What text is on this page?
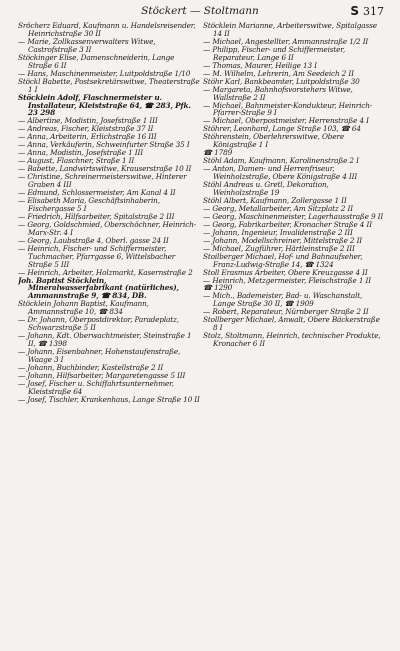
Stöckert — Stoltmann	S 317

Sröcherz Eduard, Kaufmann u. Handelsreisender, Heinrichstraße 30 II

— Marie, Zollkassenverwalters Witwe, Castrofstraße 3 II

Stöckinger Elise, Damenschneiderin, Lange Straße 6 II

— Hans, Maschinenmeister, Luitpoldstraße 1/10

Stöckl Babette, Postsekretärswitwe, Theaterstraße 1 I

Stöcklein Adolf, Flaschnermeister u. Installateur, Kleiststraße 64, ☎ 283, Pfk. 23 298

— Albertine, Modistin, Josefstraße 1 III

— Andreas, Fischer, Kleiststraße 37 II

— Anna, Arbeiterin, Erlichstraße 16 III

— Anna, Verkäuferin, Schweinfurter Straße 35 I

— Anna, Modistin, Josefstraße 1 III

— August, Flaschner, Straße 1 II

— Babette, Landwirtswitwe, Krauserstraße 10 II

— Christine, Schreinermeisterswitwe, Hinterer Graben 4 III

— Edmund, Schlossermeister, Am Kanal 4 II

— Elisabeth Maria, Geschäftsinhaberin, Fischergasse 5 I

— Friedrich, Hilfsarbeiter, Spitalstraße 2 III

— Georg, Goldschmied, Oberschöchner, Heinrich-Marx-Str. 4 I

— Georg, Laubstraße 4, Oberl. gasse 24 II

— Heinrich, Fischer- und Schiffermeister, Tuchmacher, Pfarrgasse 6, Wittelsbacher Straße 5 III

— Heinrich, Arbeiter, Holzmarkt, Kasernstraße 2

Joh. Baptist Stöcklein, Mineralwasserfabrikant (natürliches), Ammannstraße 9, ☎ 834, DB.

Stöcklein Johann Baptist, Kaufmann, Ammannstraße 10, ☎ 834

— Dr. Johann, Oberpostdirektor, Paradeplatz, Schwarzstraße 5 II

— Johann, Kdt. Oberwachtmeister, Steinstraße 1 II, ☎ 1398

— Johann, Eisenbahner, Hohenstaufenstraße, Waage 3 I

— Johann, Buchbinder, Kastellstraße 2 II

— Johann, Hilfsarbeiter, Margaretengasse 5 III

— Josef, Fischer u. Schiffahrtsunternehmer, Kleiststraße 64

— Josef, Tischler, Krankenhaus, Lange Straße 10 II

Stöcklein Marianne, Arbeiterswitwe, Spitalgasse 14 II

— Michael, Angestellter, Ammannstraße 1/2 II

— Philipp, Fischer- und Schiffermeister, Reparateur, Lange 6 II

— Thomas, Maurer, Heilige 13 I

— M. Wilhelm, Lehrerin, Am Seedeich 2 II

Stöhr Karl, Bankbeamter, Luitpoldstraße 30

— Margareta, Bahnhofsvorstehers Witwe, Wallstraße 2 II

— Michael, Bahnmeister-Kondukteur, Heinrich-Pfarrer-Straße 9 I

— Michael, Oberpostmeister, Herrenstraße 4 I

Stöhrer, Leonhard, Lange Straße 103, ☎ 64

Stöhrenstein, Oberlehrerswitwe, Obere Königstraße 1 I

☎ 1789

Stöhl Adam, Kaufmann, Karolinenstraße 2 I

— Anton, Damen- und Herrenfriseur, Weinholzstraße, Obere Königstraße 4 III

Stöhl Andreas u. Gretl, Dekoration, Weinholzstraße 19

Stöhl Albert, Kaufmann, Zollergasse 1 II

— Georg, Metallarbeiter, Am Sitzplatz 2 II

— Georg, Maschinenmeister, Lagerhausstraße 9 II

— Georg, Fabrikarbeiter, Kronacher Straße 4 II

— Johann, Ingenieur, Invalidenstraße 2 III

— Johann, Modellschreiner, Mittelstraße 2 II

— Michael, Zugführer, Härtleinstraße 2 III

Stoilberger Michael, Hof- und Bahnaufseher, Franz-Ludwig-Straße 14, ☎ 1324

Stoll Erasmus Arbeiter, Obere Kreuzgasse 4 II

— Heinrich, Metzgermeister, Fleischstraße 1 II

☎ 1290

— Mich., Bademeister, Bad- u. Waschanstalt, Lange Straße 30 II, ☎ 1909

— Robert, Reparateur, Nürnberger Straße 2 II

Stollberger Michael, Anwalt, Obere Bäckerstraße 8 I

Stolz, Stoltmann, Heinrich, technischer Produkte, Kronacher 6 II
